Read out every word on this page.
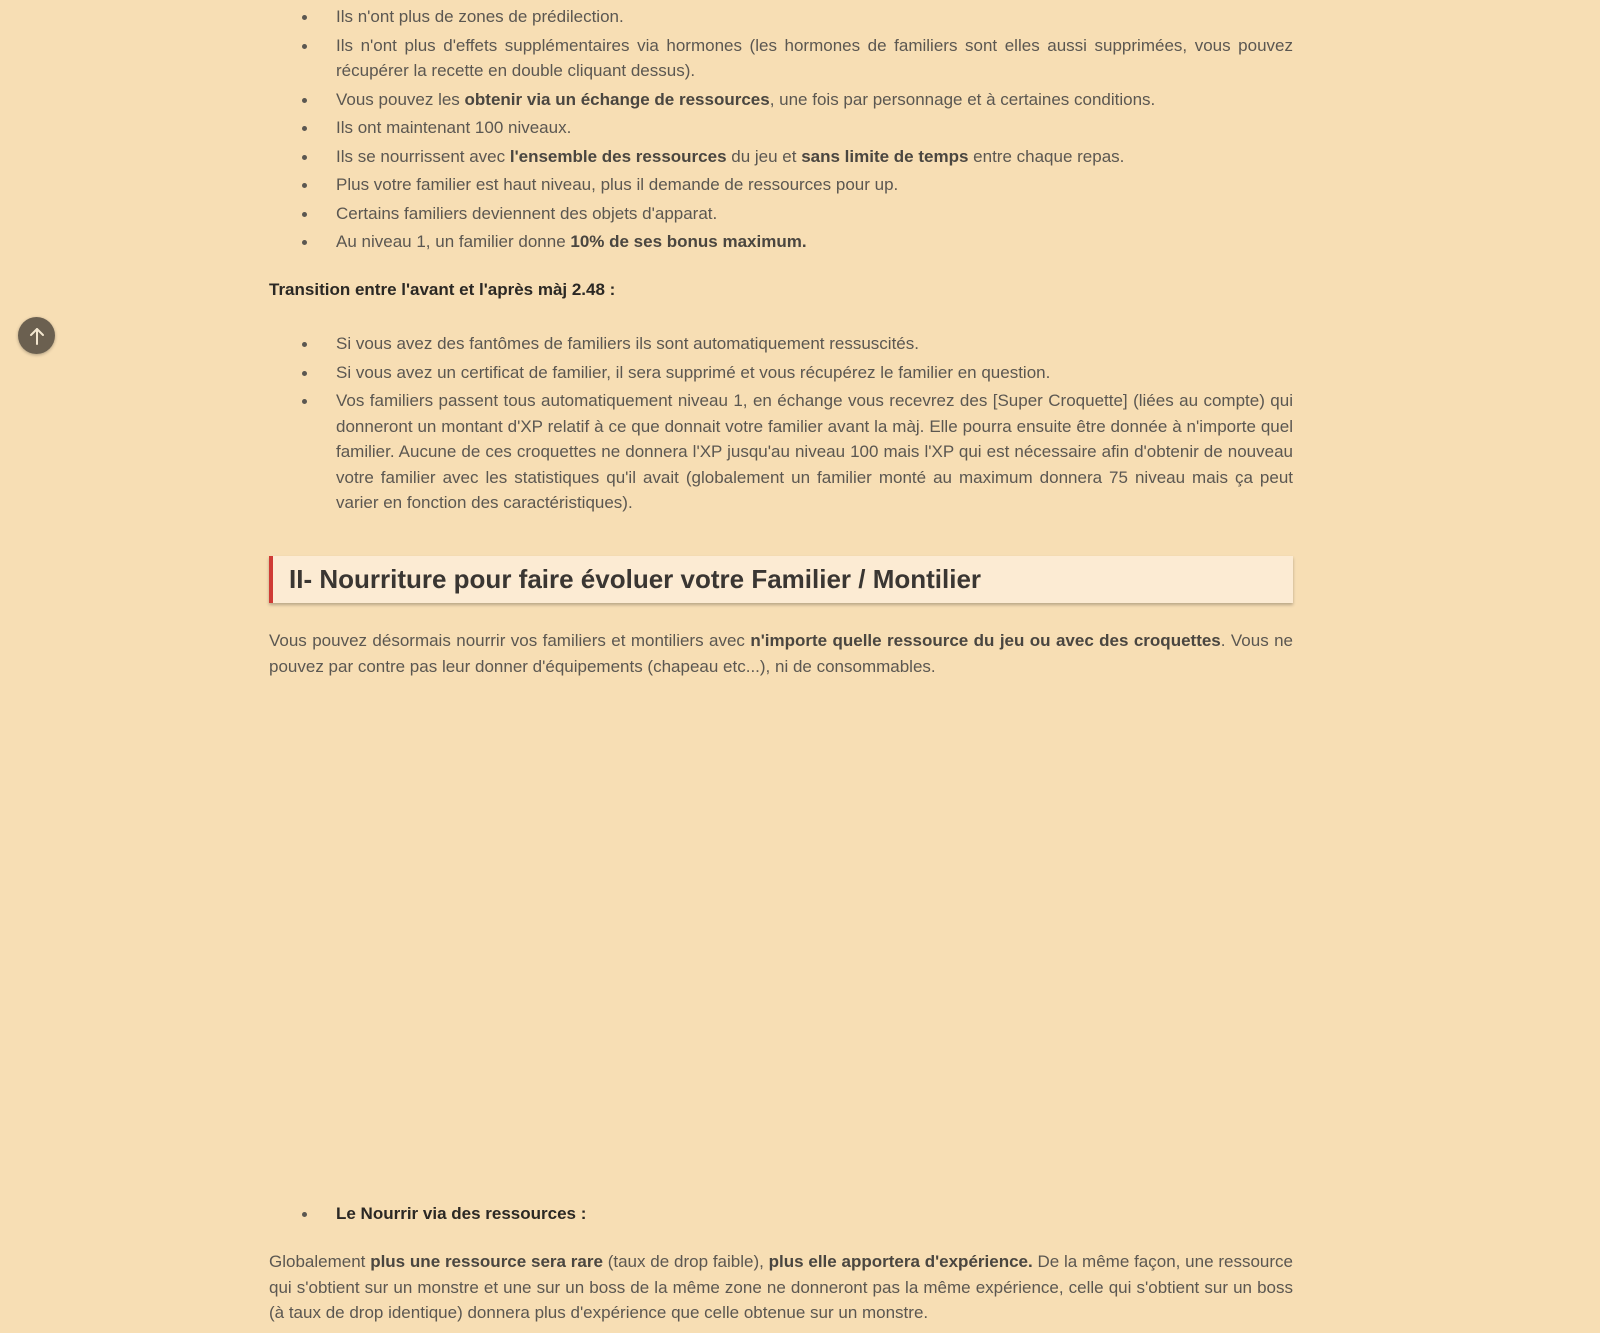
Ils n'ont plus de zones de prédilection.
Ils n'ont plus d'effets supplémentaires via hormones (les hormones de familiers sont elles aussi supprimées, vous pouvez récupérer la recette en double cliquant dessus).
Vous pouvez les obtenir via un échange de ressources, une fois par personnage et à certaines conditions.
Ils ont maintenant 100 niveaux.
Ils se nourrissent avec l'ensemble des ressources du jeu et sans limite de temps entre chaque repas.
Plus votre familier est haut niveau, plus il demande de ressources pour up.
Certains familiers deviennent des objets d'apparat.
Au niveau 1, un familier donne 10% de ses bonus maximum.

Transition entre l'avant et l'après màj 2.48 :

Si vous avez des fantômes de familiers ils sont automatiquement ressuscités.
Si vous avez un certificat de familier, il sera supprimé et vous récupérez le familier en question.
Vos familiers passent tous automatiquement niveau 1, en échange vous recevrez des [Super Croquette] (liées au compte) qui donneront un montant d'XP relatif à ce que donnait votre familier avant la màj. Elle pourra ensuite être donnée à n'importe quel familier. Aucune de ces croquettes ne donnera l'XP jusqu'au niveau 100 mais l'XP qui est nécessaire afin d'obtenir de nouveau votre familier avec les statistiques qu'il avait (globalement un familier monté au maximum donnera 75 niveau mais ça peut varier en fonction des caractéristiques).
II- Nourriture pour faire évoluer votre Familier / Montilier

Vous pouvez désormais nourrir vos familiers et montiliers avec n'importe quelle ressource du jeu ou avec des croquettes. Vous ne pouvez par contre pas leur donner d'équipements (chapeau etc...), ni de consommables.

Le Nourrir via des ressources :

Globalement plus une ressource sera rare (taux de drop faible), plus elle apportera d'expérience. De la même façon, une ressource qui s'obtient sur un monstre et une sur un boss de la même zone ne donneront pas la même expérience, celle qui s'obtient sur un boss (à taux de drop identique) donnera plus d'expérience que celle obtenue sur un monstre.
